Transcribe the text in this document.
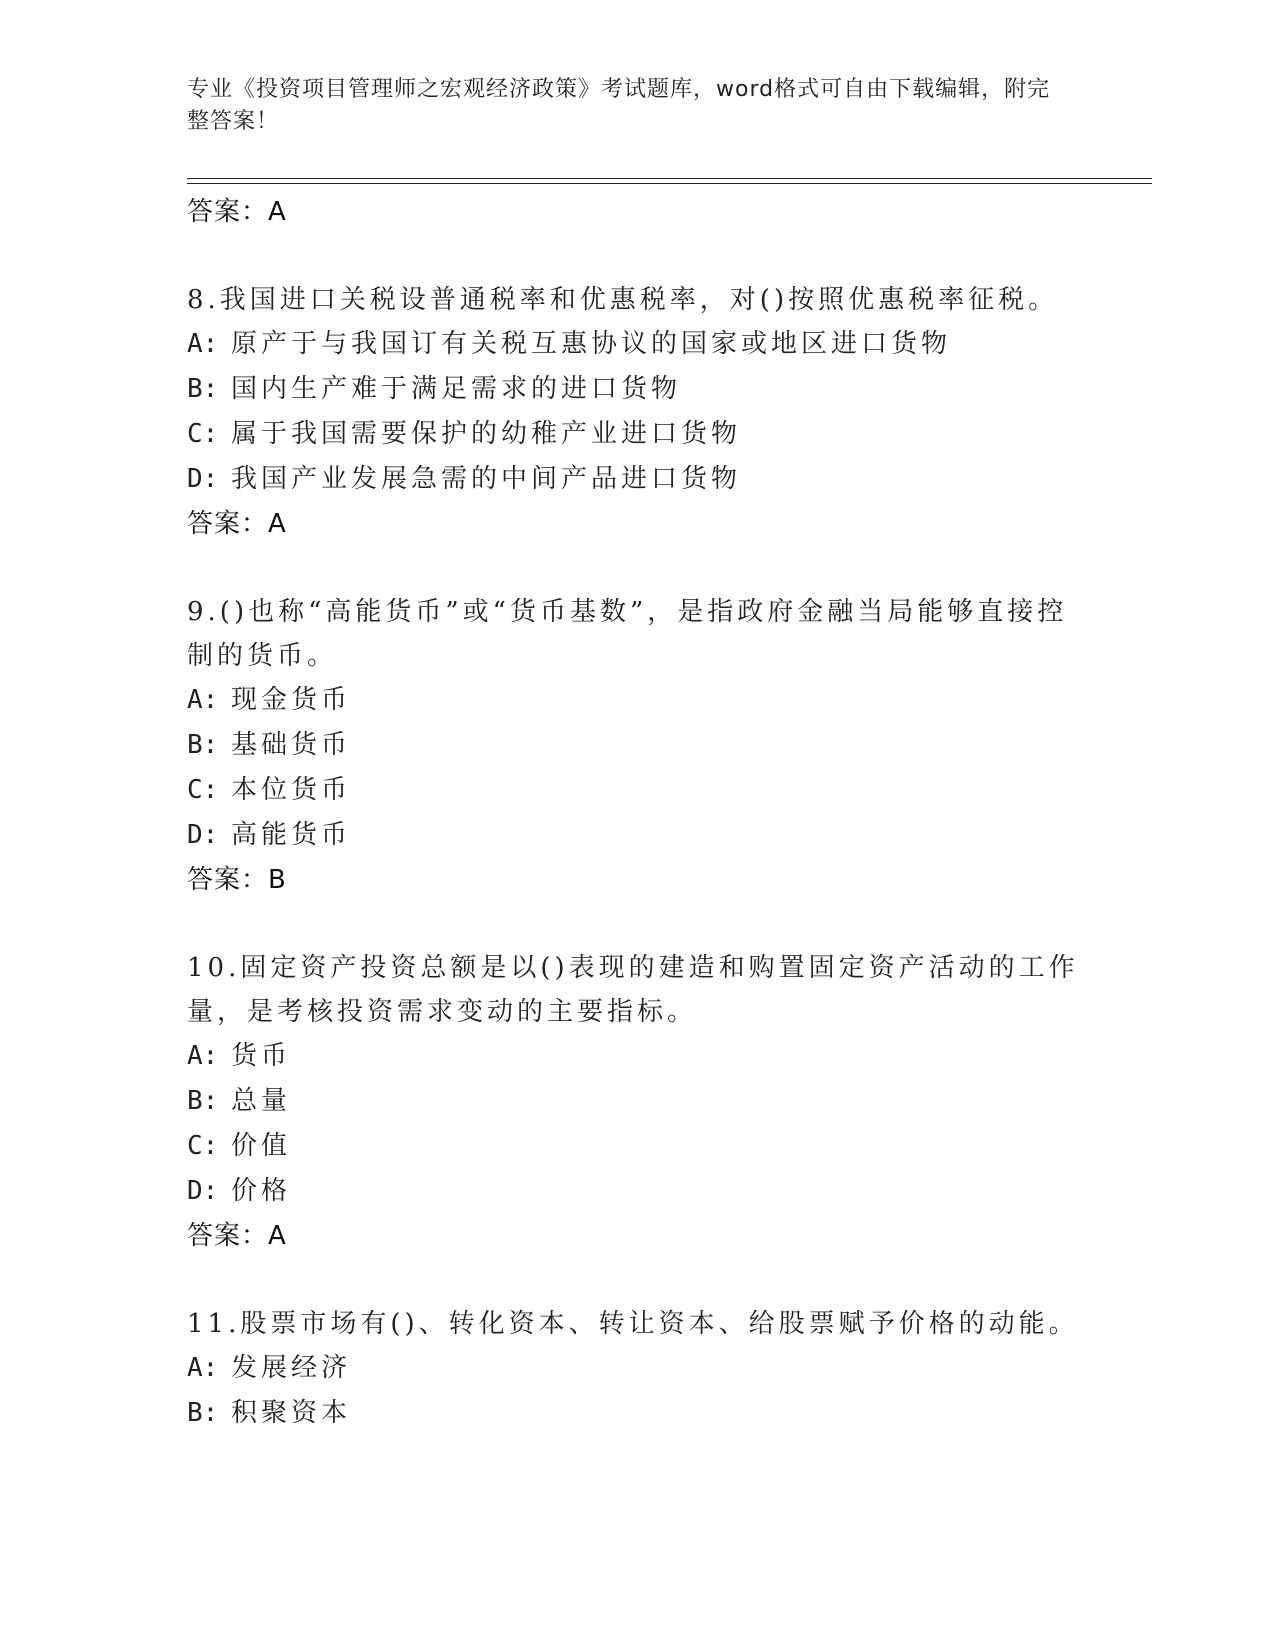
专业《投资项目管理师之宏观经济政策》考试题库，word格式可自由下载编辑，附完整答案！
答案：A

8.我国进口关税设普通税率和优惠税率，对()按照优惠税率征税。

A: 原产于与我国订有关税互惠协议的国家或地区进口货物
B: 国内生产难于满足需求的进口货物
C: 属于我国需要保护的幼稚产业进口货物
D: 我国产业发展急需的中间产品进口货物
答案：A

9.()也称“高能货币”或“货币基数”，是指政府金融当局能够直接控制的货币。

A: 现金货币
B: 基础货币
C: 本位货币
D: 高能货币
答案：B

10.固定资产投资总额是以()表现的建造和购置固定资产活动的工作量，是考核投资需求变动的主要指标。

A: 货币
B: 总量
C: 价值
D: 价格
答案：A

11.股票市场有()、转化资本、转让资本、给股票赋予价格的动能。

A: 发展经济
B: 积聚资本
